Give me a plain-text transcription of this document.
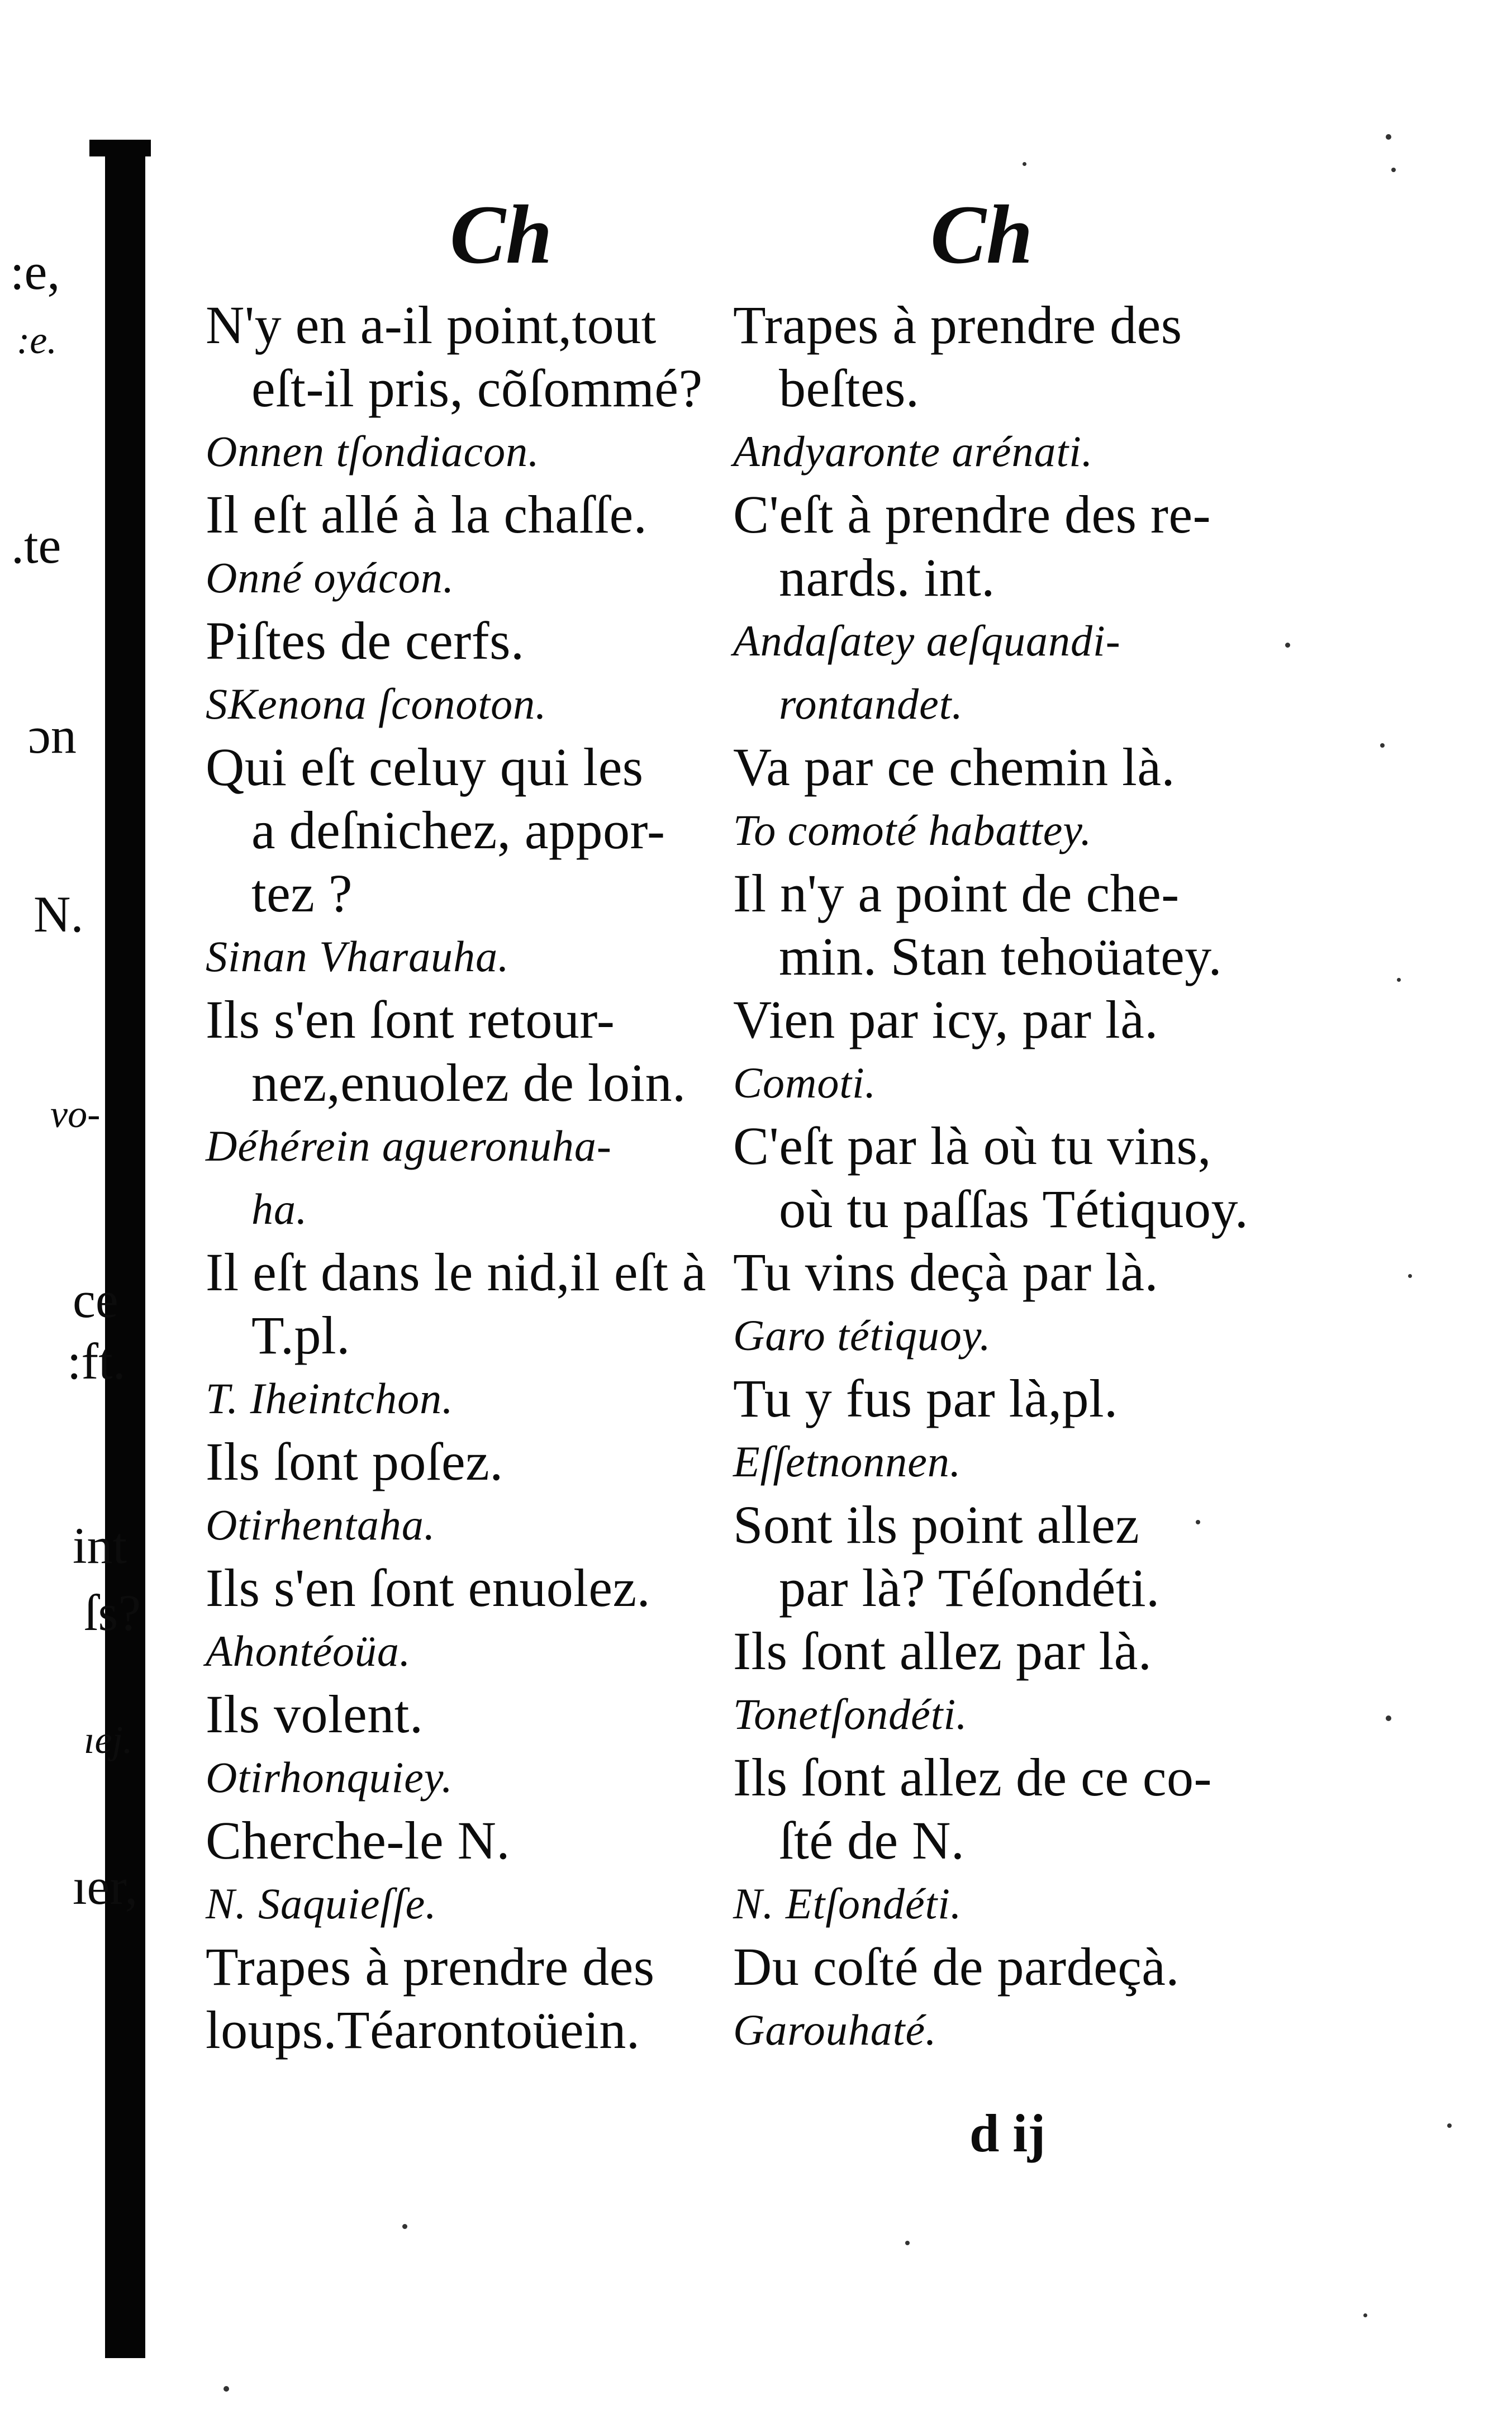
:e,
:e.
.te
ɔn
N.
vo-
ce
:ft.
int
ſs?
ıej.
ıer,
Ch	Ch
N'y en a-il point,tout
eſt-il pris, cõſommé?
Onnen tſondiacon.
Il eſt allé à la chaſſe.
Onné oyácon.
Piſtes de cerfs.
SKenona ſconoton.
Qui eſt celuy qui les
a deſnichez, appor-
tez ?
Sinan Vharauha.
Ils s'en ſont retour-
nez,enuolez de loin.
Déhérein agueronuha-
ha.
Il eſt dans le nid,il eſt à
T.pl.
T. Iheintchon.
Ils ſont poſez.
Otirhentaha.
Ils s'en ſont enuolez.
Ahontéoüa.
Ils volent.
Otirhonquiey.
Cherche-le N.
N. Saquieſſe.
Trapes à prendre des
loups.Téarontoüein.
Trapes à prendre des
beſtes.
Andyaronte arénati.
C'eſt à prendre des re-
nards. int.
Andaſatey aeſquandi-
rontandet.
Va par ce chemin là.
To comoté habattey.
Il n'y a point de che-
min. Stan tehoüatey.
Vien par icy, par là.
Comoti.
C'eſt par là où tu vins,
où tu paſſas Tétiquoy.
Tu vins deçà par là.
Garo tétiquoy.
Tu y fus par là,pl.
Eſſetnonnen.
Sont ils point allez
par là? Téſondéti.
Ils ſont allez par là.
Tonetſondéti.
Ils ſont allez de ce co-
ſté de N.
N. Etſondéti.
Du coſté de pardeçà.
Garouhaté.
d ij
